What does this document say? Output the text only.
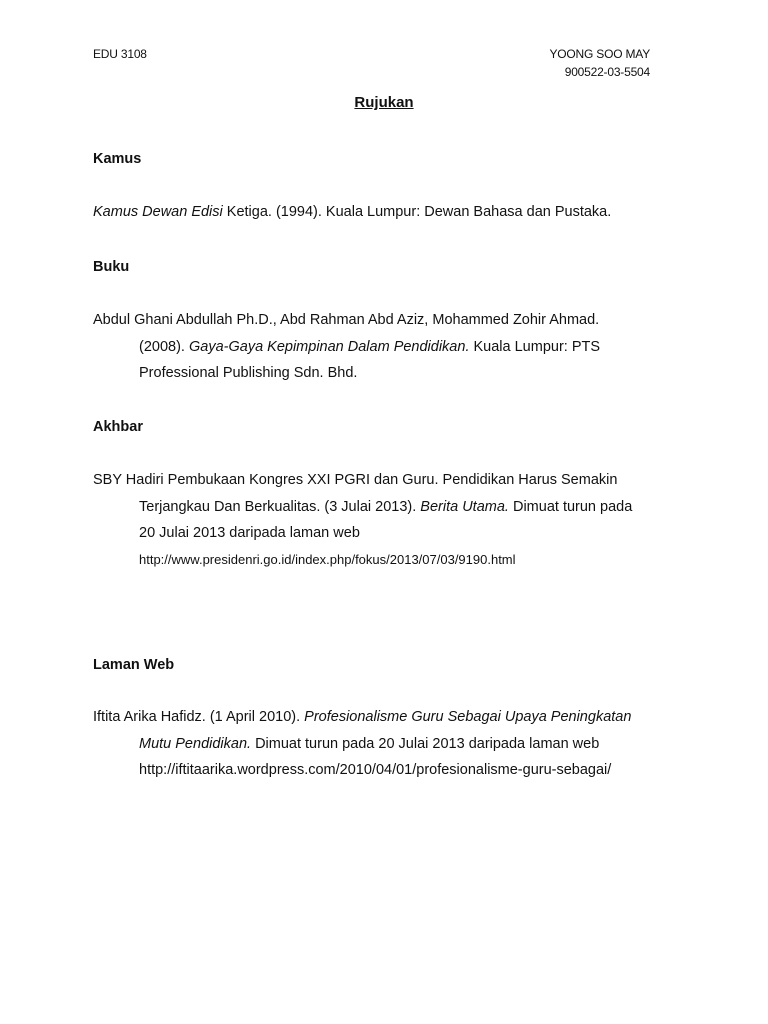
EDU 3108	YOONG SOO MAY
900522-03-5504
Rujukan
Kamus
Kamus Dewan Edisi Ketiga. (1994). Kuala Lumpur: Dewan Bahasa dan Pustaka.
Buku
Abdul Ghani Abdullah Ph.D., Abd Rahman Abd Aziz, Mohammed Zohir Ahmad.
(2008). Gaya-Gaya Kepimpinan Dalam Pendidikan. Kuala Lumpur: PTS
Professional Publishing Sdn. Bhd.
Akhbar
SBY Hadiri Pembukaan Kongres XXI PGRI dan Guru. Pendidikan Harus Semakin
Terjangkau Dan Berkualitas. (3 Julai 2013). Berita Utama. Dimuat turun pada
20 Julai 2013 daripada laman web
http://www.presidenri.go.id/index.php/fokus/2013/07/03/9190.html
Laman Web
Iftita Arika Hafidz. (1 April 2010). Profesionalisme Guru Sebagai Upaya Peningkatan
Mutu Pendidikan. Dimuat turun pada 20 Julai 2013 daripada laman web
http://iftitaarika.wordpress.com/2010/04/01/profesionalisme-guru-sebagai/
